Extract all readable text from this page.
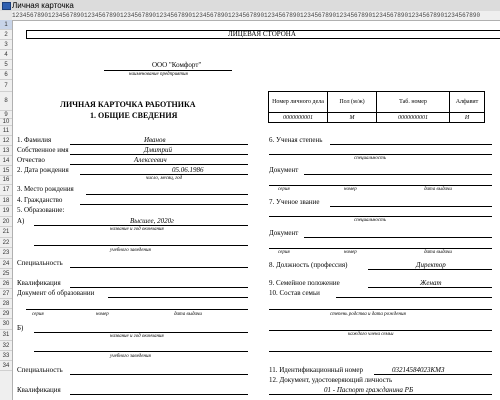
Личная карточка
1234567890123456789012345678901234567890123456789012345678901234567890123456789012345678901234567890123456789012345678901234567890
1
2
3
4
5
6
7
8
9
10
11
12
13
14
15
16
17
18
19
20
21
22
23
24
25
26
27
28
29
30
31
32
33
34
ЛИЦЕВАЯ СТОРОНА
ООО "Комфорт"
наименование предприятия
ЛИЧНАЯ КАРТОЧКА РАБОТНИКА
1. ОБЩИЕ СВЕДЕНИЯ
Номер личного дела	Пол (м/ж)	Таб. номер	Алфавит
0000000001	М	0000000001	И
1. Фамилия	Иванов
Собственное имя	Дмитрий
Отчество	Алексеевич
2. Дата рождения	05.06.1986
число, месяц, год
3. Место рождения
4. Гражданство
5. Образование:
А)	Высшее, 2020г
название и год окончания
учебного заведения
Специальность
Квалификация
Документ об образовании
серия	номер	дата выдачи
Б)
название и год окончания
учебного заведения
Специальность
Квалификация
6. Ученая степень
специальность
Документ
серия	номер	дата выдачи
7. Ученое звание
специальность
Документ
серия	номер	дата выдачи
8. Должность (профессия)	Директор
9. Семейное положение	Женат
10. Состав семьи
степень родства и дата рождения
каждого члена семьи
11. Идентификационный номер	03214584023КМЗ
12. Документ, удостоверяющий личность
01 - Паспорт гражданина РБ
